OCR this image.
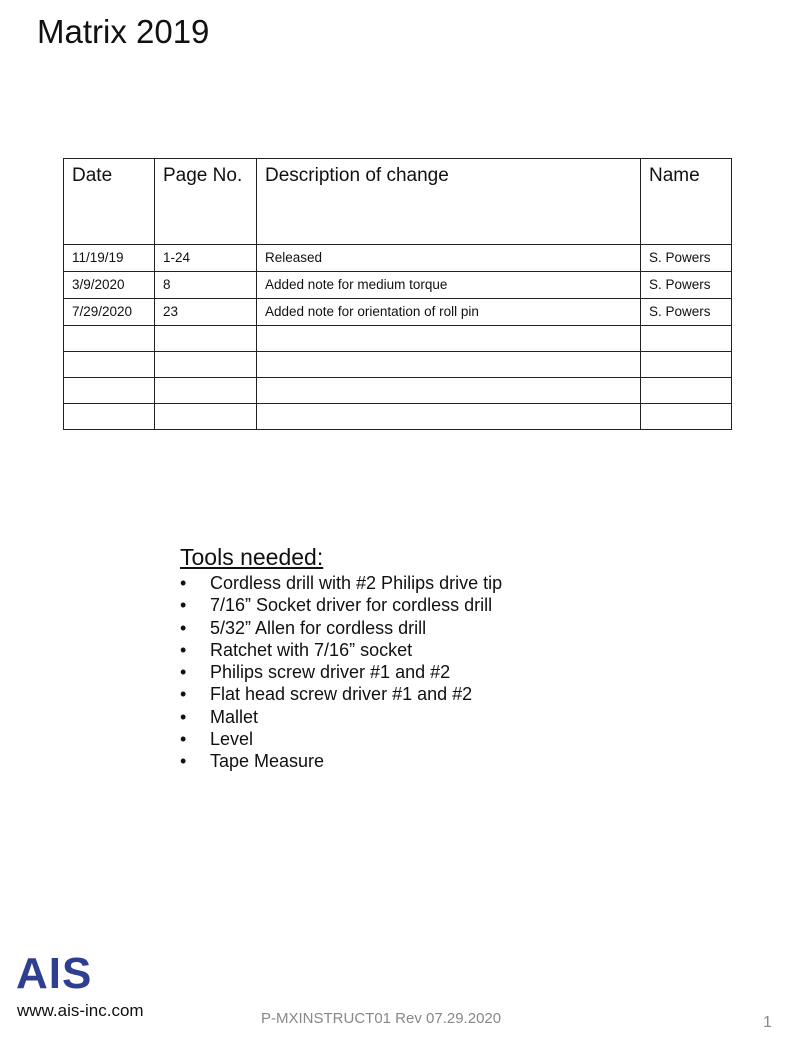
Matrix 2019
Date	Page No.	Description of change	Name
11/19/19	1-24	Released	S. Powers
3/9/2020	8	Added note for medium torque	S. Powers
7/29/2020	23	Added note for orientation of roll pin	S. Powers

Tools needed:

• Cordless drill with #2 Philips drive tip
• 7/16” Socket driver for cordless drill
• 5/32” Allen for cordless drill
• Ratchet with 7/16” socket
• Philips screw driver #1 and #2
• Flat head screw driver #1 and #2
• Mallet
• Level
• Tape Measure
AIS
www.ais-inc.com	P-MXINSTRUCT01 Rev 07.29.2020	1
